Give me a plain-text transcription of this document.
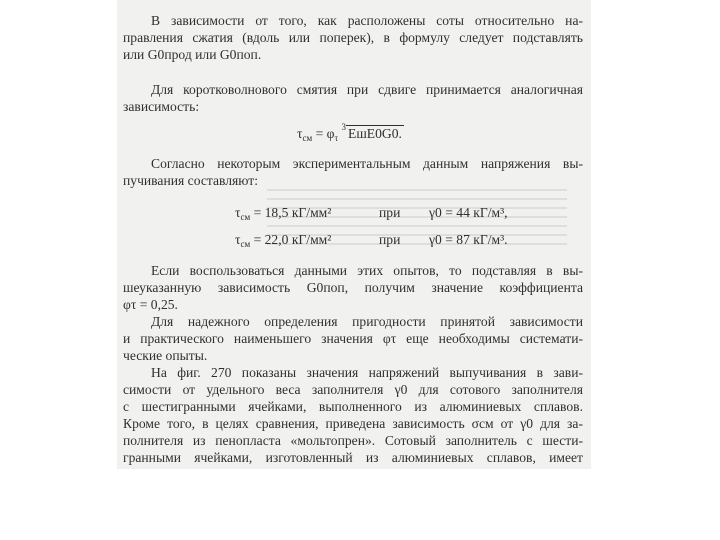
В зависимости от того, как расположены соты относительно на-
правления сжатия (вдоль или поперек), в формулу следует подставлять
или G0прод или G0поп.
Для коротковолнового смятия при сдвиге принимается аналогичная
зависимость:
$\tau_{см} = \varphi_\tau$ $^3$ EшE0G0.
Согласно некоторым экспериментальным данным напряжения вы-
пучивания составляют:
$\tau_{см} = 18,5$ кГ/мм²	при γ0 = 44 кГ/м³,
$\tau_{см} = 22,0$ кГ/мм²	при γ0 = 87 кГ/м³.
Если воспользоваться данными этих опытов, то подставляя в вы-
шеуказанную зависимость G0поп, получим значение коэффициента
φτ = 0,25.
Для надежного определения пригодности принятой зависимости
и практического наименьшего значения φτ еще необходимы системати-
ческие опыты.
На фиг. 270 показаны значения напряжений выпучивания в зави-
симости от удельного веса заполнителя γ0 для сотового заполнителя
с шестигранными ячейками, выполненного из алюминиевых сплавов.
Кроме того, в целях сравнения, приведена зависимость σсм от γ0 для за-
полнителя из пенопласта «мольтопрен». Сотовый заполнитель с шести-
гранными ячейками, изготовленный из алюминиевых сплавов, имеет
